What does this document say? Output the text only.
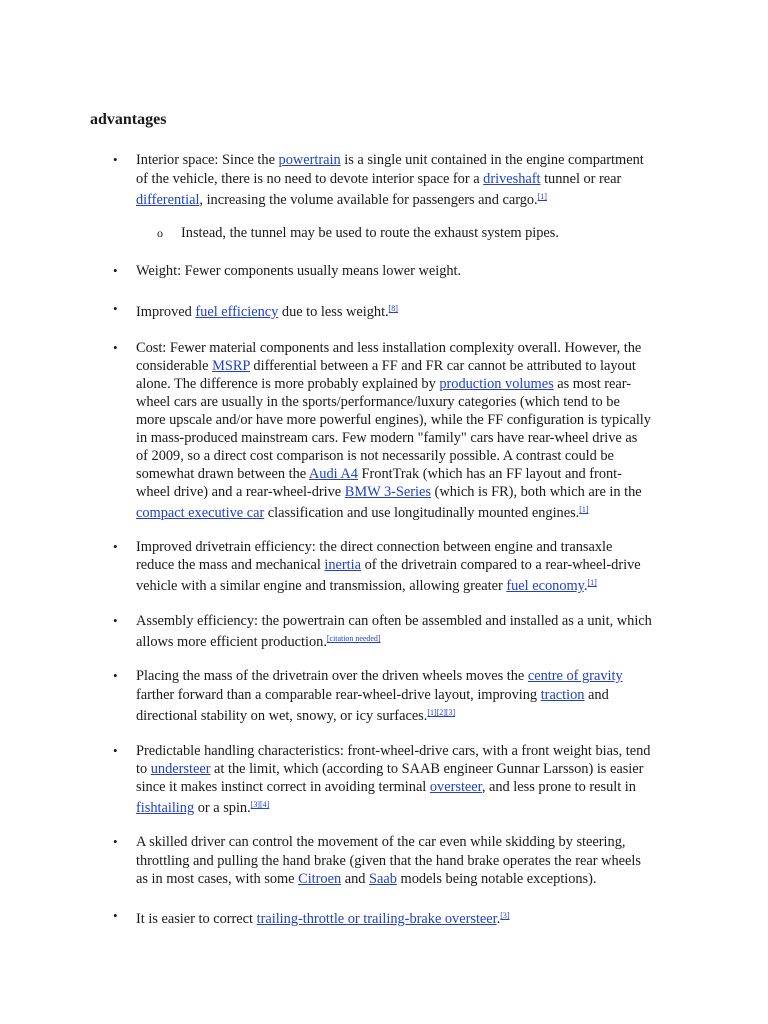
advantages
• Interior space: Since the powertrain is a single unit contained in the engine compartment
of the vehicle, there is no need to devote interior space for a driveshaft tunnel or rear
differential, increasing the volume available for passengers and cargo.[1]
o Instead, the tunnel may be used to route the exhaust system pipes.
• Weight: Fewer components usually means lower weight.
• Improved fuel efficiency due to less weight.[8]
• Cost: Fewer material components and less installation complexity overall. However, the
considerable MSRP differential between a FF and FR car cannot be attributed to layout
alone. The difference is more probably explained by production volumes as most rear-
wheel cars are usually in the sports/performance/luxury categories (which tend to be
more upscale and/or have more powerful engines), while the FF configuration is typically
in mass-produced mainstream cars. Few modern "family" cars have rear-wheel drive as
of 2009, so a direct cost comparison is not necessarily possible. A contrast could be
somewhat drawn between the Audi A4 FrontTrak (which has an FF layout and front-
wheel drive) and a rear-wheel-drive BMW 3-Series (which is FR), both which are in the
compact executive car classification and use longitudinally mounted engines.[1]
• Improved drivetrain efficiency: the direct connection between engine and transaxle
reduce the mass and mechanical inertia of the drivetrain compared to a rear-wheel-drive
vehicle with a similar engine and transmission, allowing greater fuel economy.[1]
• Assembly efficiency: the powertrain can often be assembled and installed as a unit, which
allows more efficient production.[citation needed]
• Placing the mass of the drivetrain over the driven wheels moves the centre of gravity
farther forward than a comparable rear-wheel-drive layout, improving traction and
directional stability on wet, snowy, or icy surfaces.[1][2][3]
• Predictable handling characteristics: front-wheel-drive cars, with a front weight bias, tend
to understeer at the limit, which (according to SAAB engineer Gunnar Larsson) is easier
since it makes instinct correct in avoiding terminal oversteer, and less prone to result in
fishtailing or a spin.[3][4]
• A skilled driver can control the movement of the car even while skidding by steering,
throttling and pulling the hand brake (given that the hand brake operates the rear wheels
as in most cases, with some Citroen and Saab models being notable exceptions).
• It is easier to correct trailing-throttle or trailing-brake oversteer.[3]
